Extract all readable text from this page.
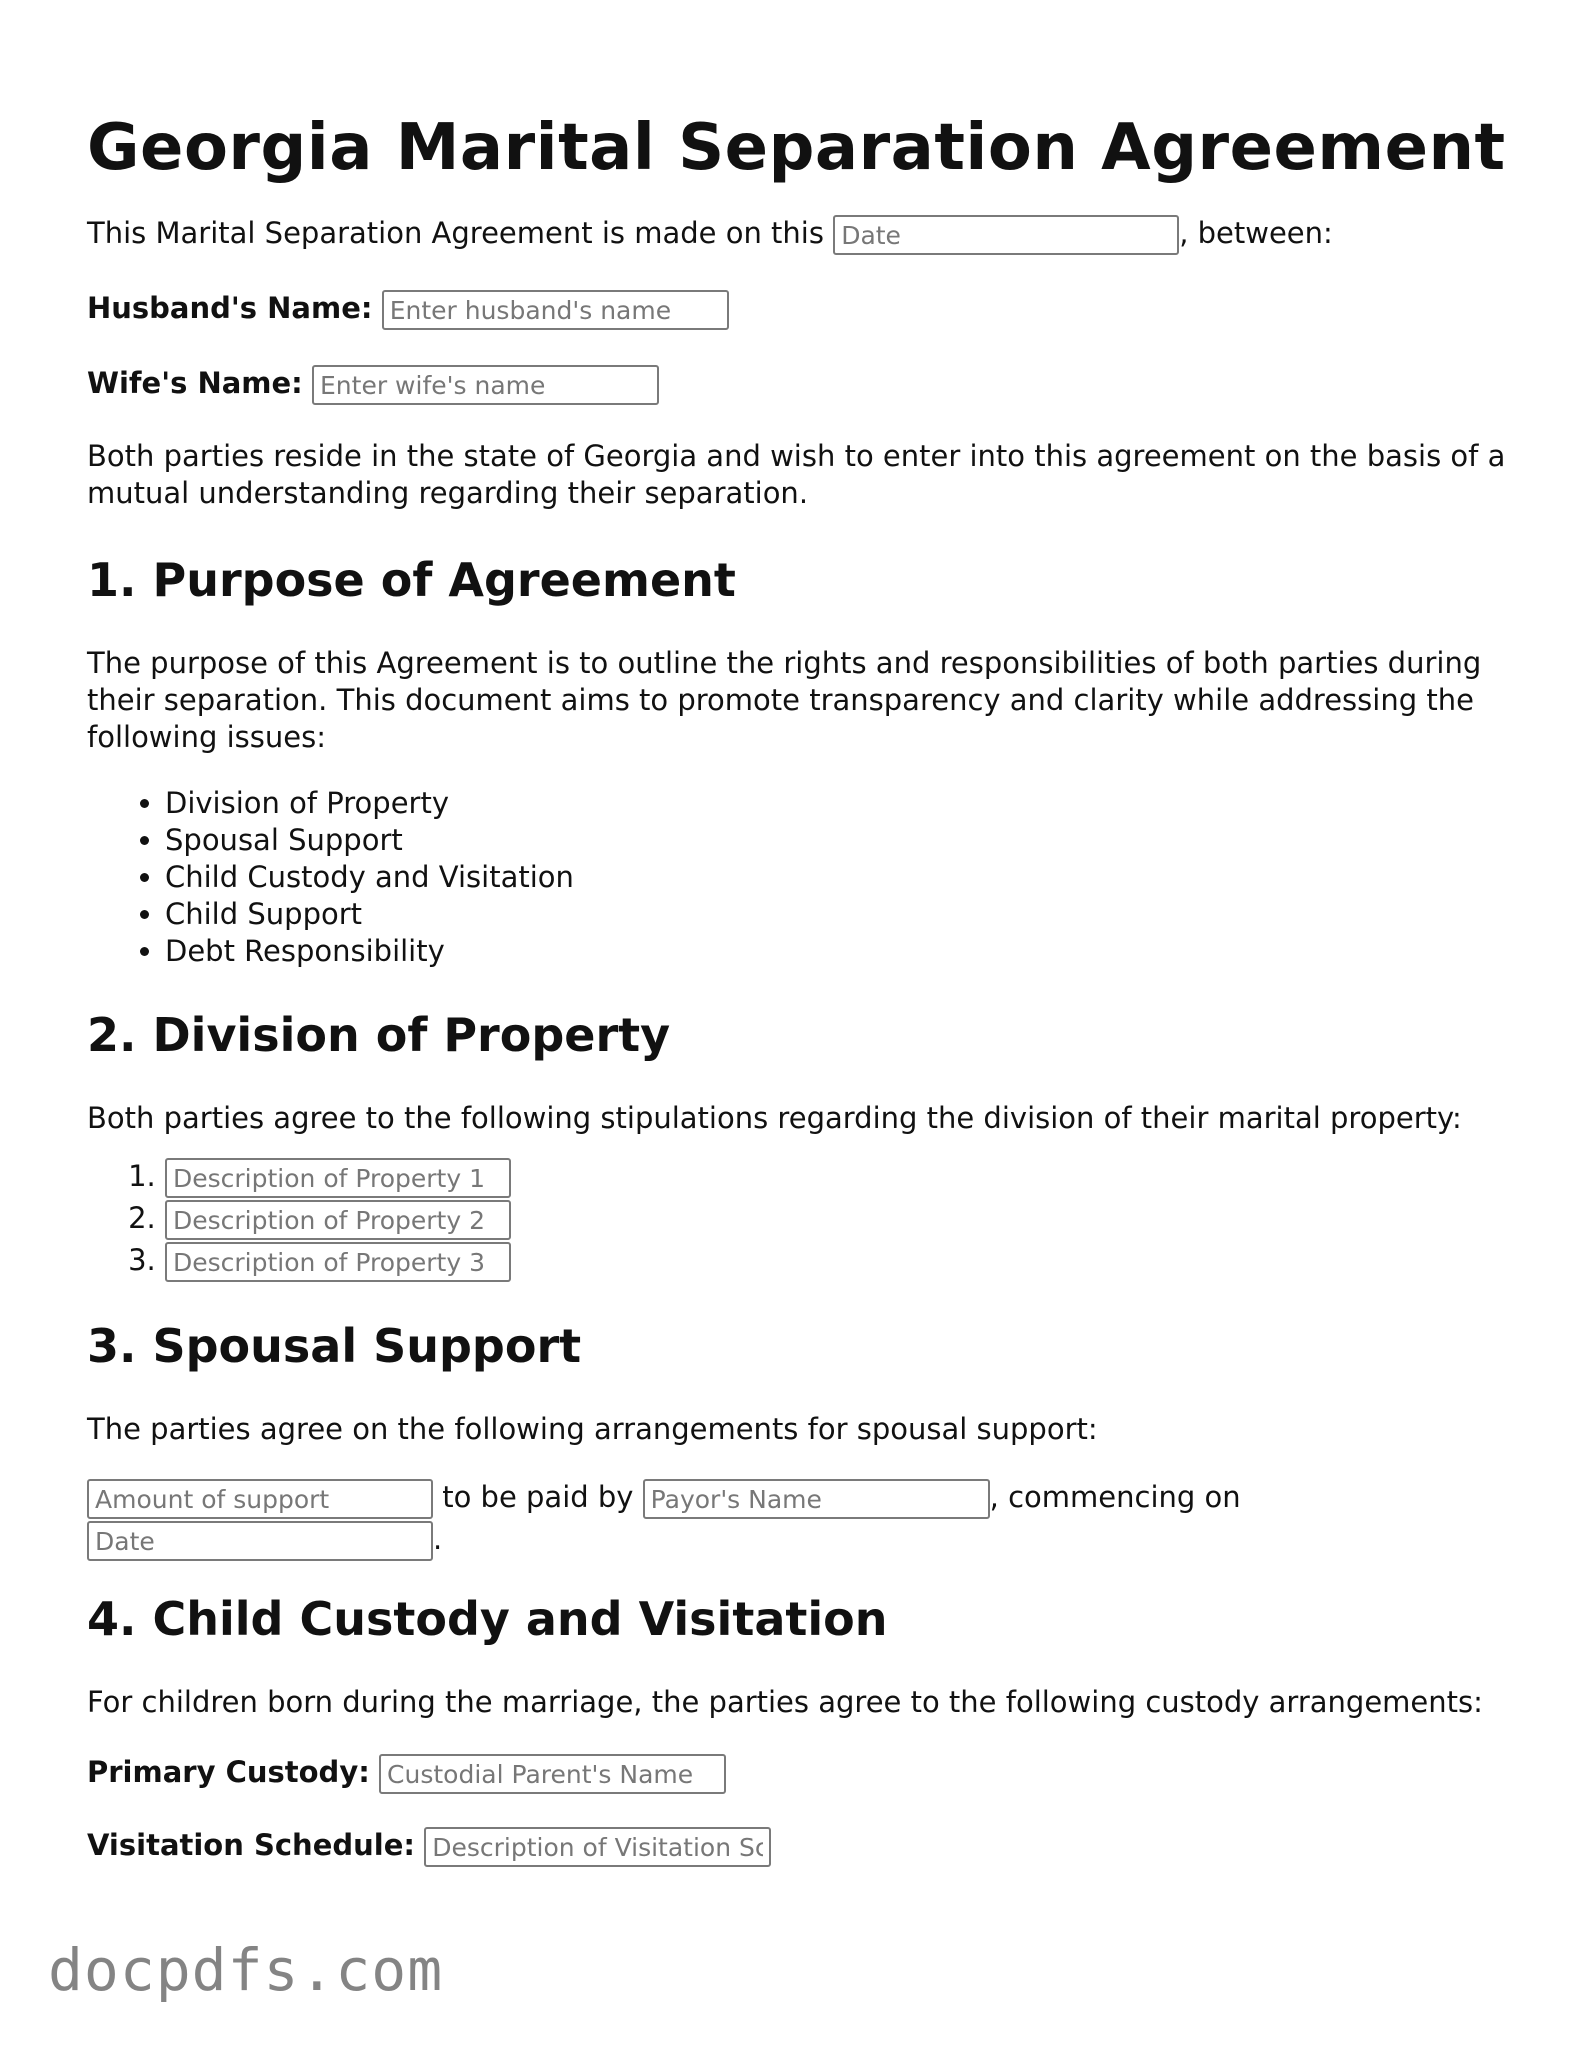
Georgia Marital Separation Agreement

This Marital Separation Agreement is made on this Date	, between:

Husband's Name: Enter husband's name

Wife's Name: Enter wife's name

Both parties reside in the state of Georgia and wish to enter into this agreement on the basis of a mutual understanding regarding their separation.

1. Purpose of Agreement

The purpose of this Agreement is to outline the rights and responsibilities of both parties during their separation. This document aims to promote transparency and clarity while addressing the following issues:

• Division of Property
• Spousal Support
• Child Custody and Visitation
• Child Support
• Debt Responsibility
2. Division of Property

Both parties agree to the following stipulations regarding the division of their marital property:

1. Description of Property 1
2. Description of Property 2
3. Description of Property 3
3. Spousal Support

The parties agree on the following arrangements for spousal support:

Amount of support to be paid by Payor's Name	, commencing on
Date.

4. Child Custody and Visitation

For children born during the marriage, the parties agree to the following custody arrangements:

Primary Custody: Custodial Parent's Name

Visitation Schedule: Description of Visitation Schedule

docpdfs.com
